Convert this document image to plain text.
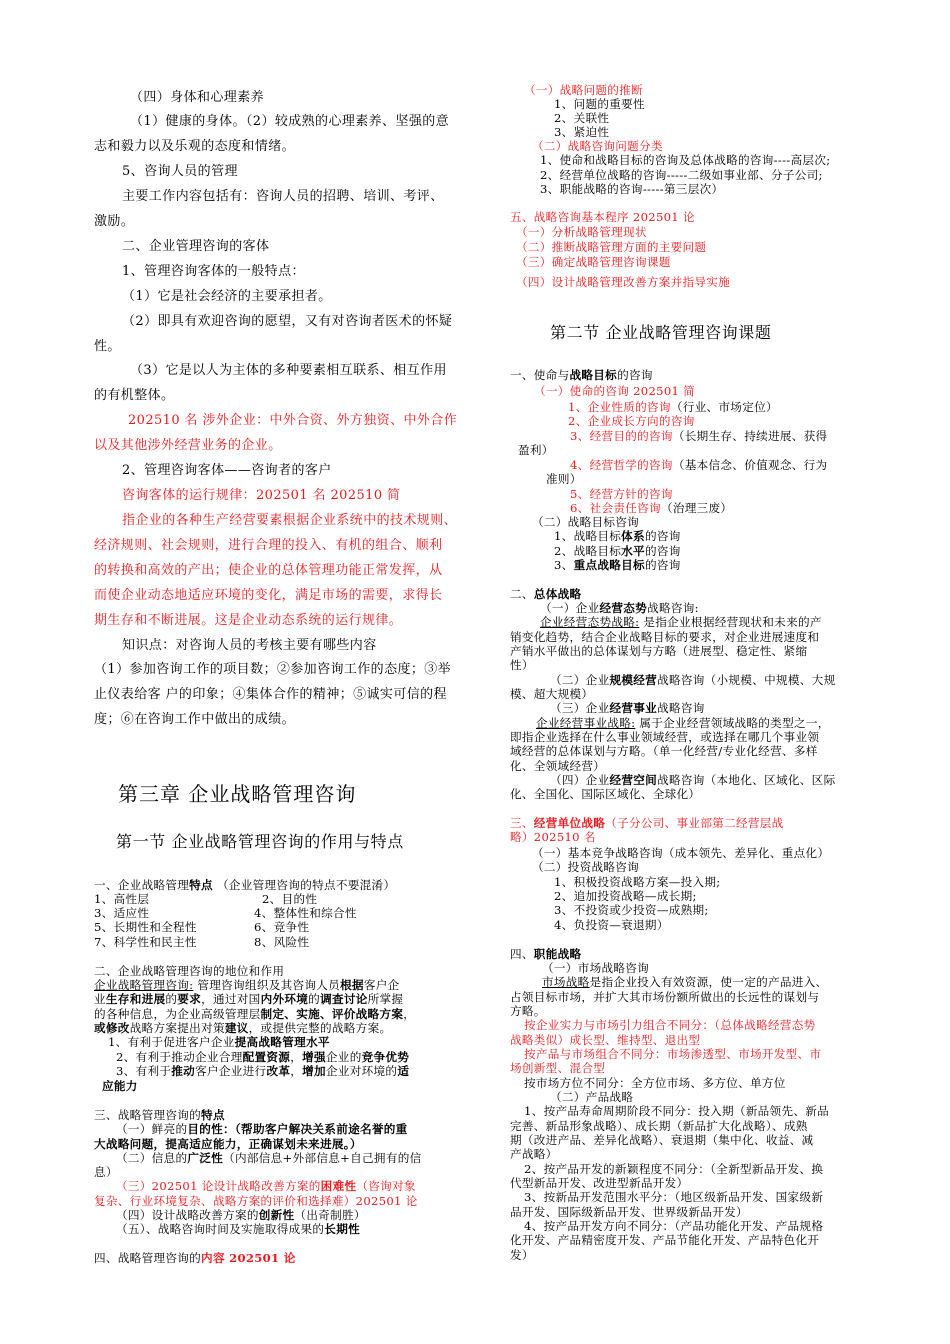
（四）身体和心理素养
（1）健康的身体。（2）较成熟的心理素养、坚强的意
志和毅力以及乐观的态度和情绪。
5、咨询人员的管理
主要工作内容包括有：咨询人员的招聘、培训、考评、
激励。
二、企业管理咨询的客体
1、管理咨询客体的一般特点：
（1）它是社会经济的主要承担者。
（2）即具有欢迎咨询的愿望，又有对咨询者医术的怀疑
性。
（3）它是以人为主体的多种要素相互联系、相互作用
的有机整体。
202510 名 涉外企业：中外合资、外方独资、中外合作
以及其他涉外经营业务的企业。
2、管理咨询客体——咨询者的客户
咨询客体的运行规律：202501 名 202510 简
指企业的各种生产经营要素根据企业系统中的技术规则、
经济规则、社会规则，进行合理的投入、有机的组合、顺利
的转换和高效的产出；使企业的总体管理功能正常发挥，从
而使企业动态地适应环境的变化，满足市场的需要，求得长
期生存和不断进展。这是企业动态系统的运行规律。
知识点：对咨询人员的考核主要有哪些内容
（1）参加咨询工作的项目数；②参加咨询工作的态度；③举
止仪表给客 户的印象；④集体合作的精神；⑤诚实可信的程
度；⑥在咨询工作中做出的成绩。
第三章 企业战略管理咨询
第一节 企业战略管理咨询的作用与特点
一、企业战略管理特点 （企业管理咨询的特点不要混淆）
1、高性层	2、目的性
3、适应性	4、整体性和综合性
5、长期性和全程性	6、竞争性
7、科学性和民主性	8、风险性
二、企业战略管理咨询的地位和作用
企业战略管理咨询: 管理咨询组织及其咨询人员根据客户企
业生存和进展的要求，通过对国内外环境的调查讨论所掌握
的各种信息，为企业高级管理层制定、实施、评价战略方案，
或修改战略方案提出对策建议，或提供完整的战略方案。
1、有利于促进客户企业提高战略管理水平
2、有利于推动企业合理配置资源，增强企业的竞争优势
3、有利于推动客户企业进行改革，增加企业对环境的适
应能力
三、战略管理咨询的特点
（一）鲜亮的目的性：（帮助客户解决关系前途名誉的重
大战略问题，提高适应能力，正确谋划未来进展。）
（二）信息的广泛性（内部信息+外部信息+自己拥有的信
息）
（三）202501 论设计战略改善方案的困难性（咨询对象
复杂、行业环境复杂、战略方案的评价和选择难）202501 论
（四）设计战略改善方案的创新性（出奇制胜）
（五）、战略咨询时间及实施取得成果的长期性
四、战略管理咨询的内容 202501 论
（一）战略问题的推断
1、问题的重要性
2、关联性
3、紧迫性
（二）战略咨询问题分类
1、使命和战略目标的咨询及总体战略的咨询----高层次;
2、经营单位战略的咨询-----二级如事业部、分子公司;
3、职能战略的咨询-----第三层次）
五、战略咨询基本程序 202501 论
（一）分析战略管理现状
（二）推断战略管理方面的主要问题
（三）确定战略管理咨询课题
（四）设计战略管理改善方案并指导实施
第二节 企业战略管理咨询课题
一、使命与战略目标的咨询
（一）使命的咨询 202501 简
1、企业性质的咨询（行业、市场定位）
2、企业成长方向的咨询
3、经营目的的咨询（长期生存、持续进展、获得
盈利）
4、经营哲学的咨询（基本信念、价值观念、行为
准则）
5、经营方针的咨询
6、社会责任咨询（治理三废）
（二）战略目标咨询
1、战略目标体系的咨询
2、战略目标水平的咨询
3、重点战略目标的咨询
二、总体战略
（一）企业经营态势战略咨询:
企业经营态势战略: 是指企业根据经营现状和未来的产
销变化趋势，结合企业战略目标的要求，对企业进展速度和
产销水平做出的总体谋划与方略（进展型、稳定性、紧缩
性）
（二）企业规模经营战略咨询（小规模、中规模、大规
模、超大规模）
（三）企业经营事业战略咨询
企业经营事业战略: 属于企业经营领域战略的类型之一，
即指企业选择在什么事业领域经营，或选择在哪几个事业领
域经营的总体谋划与方略。（单一化经营/专业化经营、多样
化、全领域经营）
（四）企业经营空间战略咨询（本地化、区域化、区际
化、全国化、国际区域化、全球化）
三、经营单位战略（子分公司、事业部第二经营层战
略）202510 名
（一）基本竞争战略咨询（成本领先、差异化、重点化）
（二）投资战略咨询
1、积极投资战略方案—投入期;
2、追加投资战略—成长期;
3、不投资或少投资—成熟期;
4、负投资—衰退期）
四、职能战略
（一）市场战略咨询
市场战略是指企业投入有效资源，使一定的产品进入、
占领目标市场，并扩大其市场份额所做出的长远性的谋划与
方略。
按企业实力与市场引力组合不同分：（总体战略经营态势
战略类似）成长型、维持型、退出型
按产品与市场组合不同分：市场渗透型、市场开发型、市
场创新型、混合型
按市场方位不同分：全方位市场、多方位、单方位
（二）产品战略
1、按产品寿命周期阶段不同分：投入期（新品领先、新品
完善、新品形象战略）、成长期（新品扩大化战略）、成熟
期（改进产品、差异化战略）、衰退期（集中化、收益、减
产战略）
2、按产品开发的新颖程度不同分：（全新型新品开发、换
代型新品开发、改进型新品开发）
3、按新品开发范围水平分：（地区级新品开发、国家级新
品开发、国际级新品开发、世界级新品开发）
4、按产品开发方向不同分：（产品功能化开发、产品规格
化开发、产品精密度开发、产品节能化开发、产品特色化开
发）
